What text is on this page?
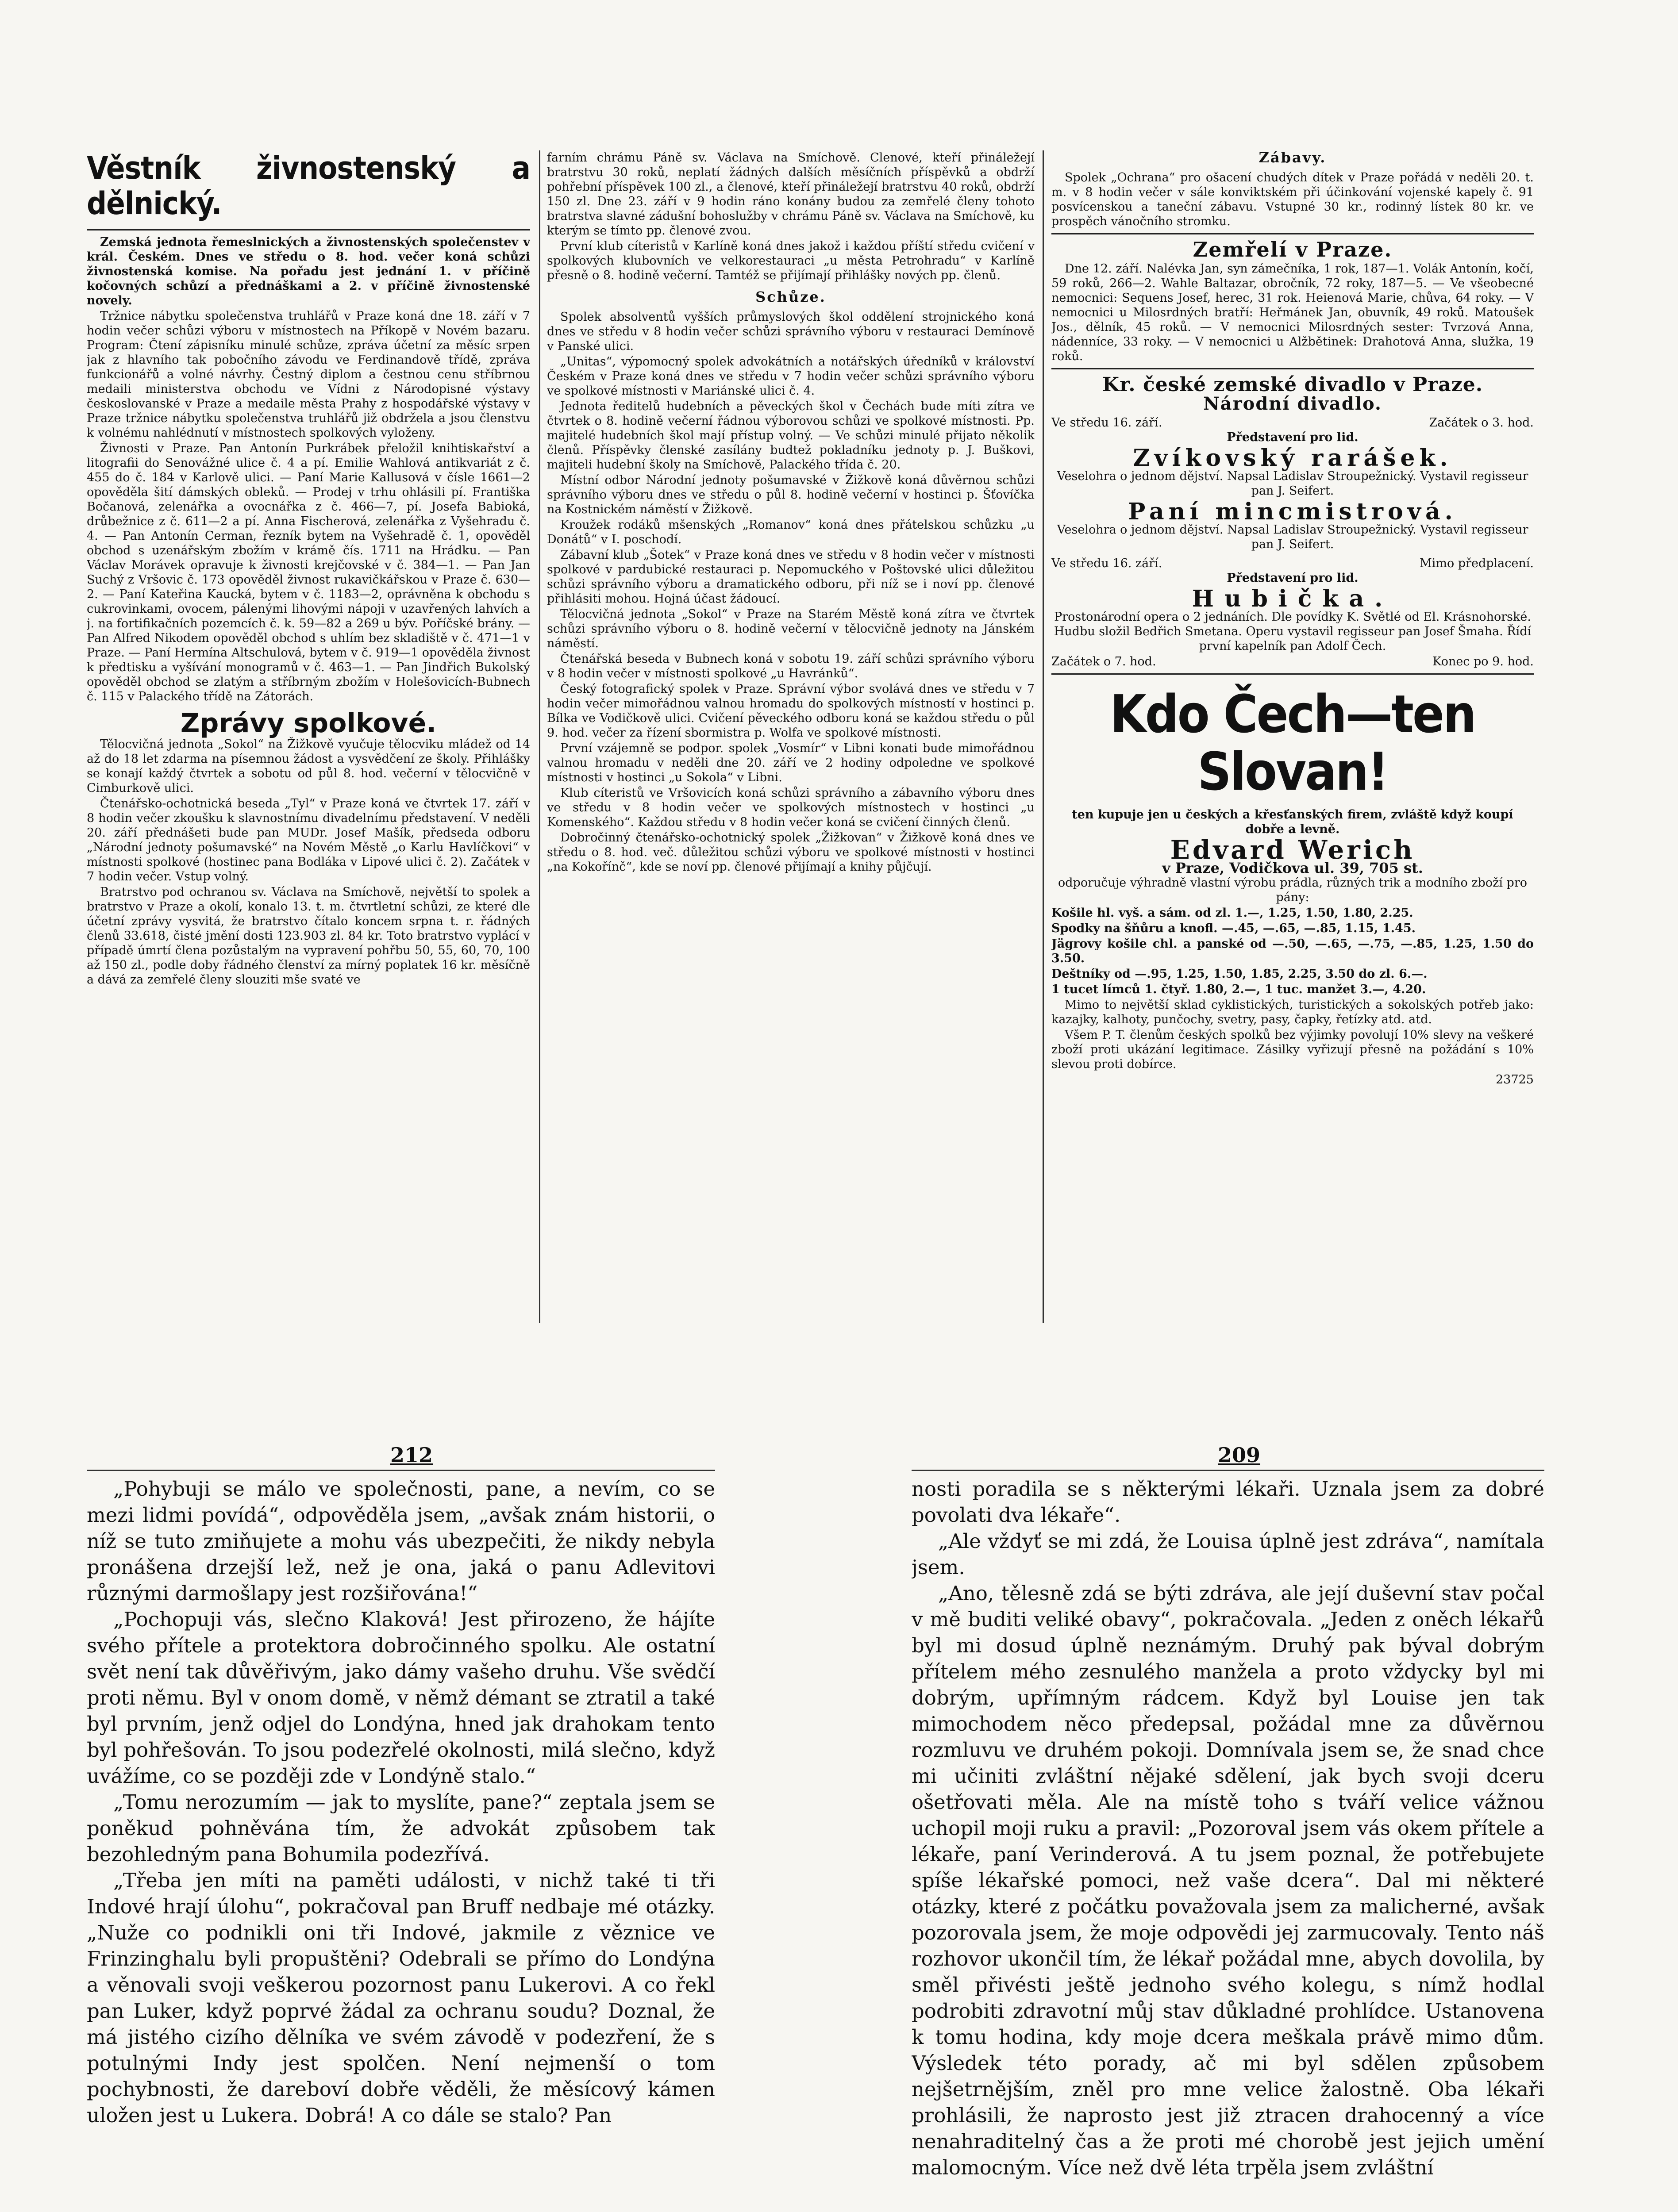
Věstník živnostenský a dělnický.

Zemská jednota řemeslnických a živnostenských společenstev v král. Českém. Dnes ve středu o 8. hod. večer koná schůzi živnostenská komise. Na pořadu jest jednání 1. v příčině kočovných schůzí a přednáškami a 2. v příčině živnostenské novely.

Tržnice nábytku společenstva truhlářů v Praze koná dne 18. září v 7 hodin večer schůzi výboru v místnostech na Příkopě v Novém bazaru. Program: Čtení zápisníku minulé schůze, zpráva účetní za měsíc srpen jak z hlavního tak pobočního závodu ve Ferdinandově třídě, zpráva funkcionářů a volné návrhy. Čestný diplom a čestnou cenu stříbrnou medaili ministerstva obchodu ve Vídni z Národopisné výstavy českoslovanské v Praze a medaile města Prahy z hospodářské výstavy v Praze tržnice nábytku společenstva truhlářů již obdržela a jsou členstvu k volnému nahlédnutí v místnostech spolkových vyloženy.

Živnosti v Praze. Pan Antonín Purkrábek přeložil knihtiskařství a litografii do Senovážné ulice č. 4 a pí. Emilie Wahlová antikvariát z č. 455 do č. 184 v Karlově ulici. — Paní Marie Kallusová v čísle 1661—2 opověděla šití dámských obleků. — Prodej v trhu ohlásili pí. Františka Bočanová, zelenářka a ovocnářka z č. 466—7, pí. Josefa Babioká, drůbežnice z č. 611—2 a pí. Anna Fischerová, zelenářka z Vyšehradu č. 4. — Pan Antonín Cerman, řezník bytem na Vyšehradě č. 1, opověděl obchod s uzenářským zbožím v krámě čís. 1711 na Hrádku. — Pan Václav Morávek opravuje k živnosti krejčovské v č. 384—1. — Pan Jan Suchý z Vršovic č. 173 opověděl živnost rukavičkářskou v Praze č. 630—2. — Paní Kateřina Kaucká, bytem v č. 1183—2, oprávněna k obchodu s cukrovinkami, ovocem, pálenými lihovými nápoji v uzavřených lahvích a j. na fortifikačních pozemcích č. k. 59—82 a 269 u býv. Poříčské brány. — Pan Alfred Nikodem opověděl obchod s uhlím bez skladiště v č. 471—1 v Praze. — Paní Hermína Altschulová, bytem v č. 919—1 opověděla živnost k předtisku a vyšívání monogramů v č. 463—1. — Pan Jindřich Bukolský opověděl obchod se zlatým a stříbrným zbožím v Holešovicích-Bubnech č. 115 v Palackého třídě na Zátorách.

Zprávy spolkové.

Tělocvičná jednota „Sokol“ na Žižkově vyučuje tělocviku mládež od 14 až do 18 let zdarma na písemnou žádost a vysvědčení ze školy. Přihlášky se konají každý čtvrtek a sobotu od půl 8. hod. večerní v tělocvičně v Cimburkově ulici.

Čtenářsko-ochotnická beseda „Tyl“ v Praze koná ve čtvrtek 17. září v 8 hodin večer zkoušku k slavnostnímu divadelnímu představení. V neděli 20. září přednášeti bude pan MUDr. Josef Mašík, předseda odboru „Národní jednoty pošumavské“ na Novém Městě „o Karlu Havlíčkovi“ v místnosti spolkové (hostinec pana Bodláka v Lipové ulici č. 2). Začátek v 7 hodin večer. Vstup volný.

Bratrstvo pod ochranou sv. Václava na Smíchově, největší to spolek a bratrstvo v Praze a okolí, konalo 13. t. m. čtvrtletní schůzi, ze které dle účetní zprávy vysvitá, že bratrstvo čítalo koncem srpna t. r. řádných členů 33.618, čisté jmění dosti 123.903 zl. 84 kr. Toto bratrstvo vyplácí v případě úmrtí člena pozůstalým na vypravení pohřbu 50, 55, 60, 70, 100 až 150 zl., podle doby řádného členství za mírný poplatek 16 kr. měsíčně a dává za zemřelé členy slouziti mše svaté ve

farním chrámu Páně sv. Václava na Smíchově. Clenové, kteří přináležejí bratrstvu 30 roků, neplatí žádných dalších měsíčních příspěvků a obdrží pohřební příspěvek 100 zl., a členové, kteří přináležejí bratrstvu 40 roků, obdrží 150 zl. Dne 23. září v 9 hodin ráno konány budou za zemřelé členy tohoto bratrstva slavné zádušní bohoslužby v chrámu Páně sv. Václava na Smíchově, ku kterým se tímto pp. členové zvou.

První klub cíteristů v Karlíně koná dnes jakož i každou příští středu cvičení v spolkových klubovních ve velkorestauraci „u města Petrohradu“ v Karlíně přesně o 8. hodině večerní. Tamtéž se přijímají přihlášky nových pp. členů.

Schůze.

Spolek absolventů vyšších průmyslových škol oddělení strojnického koná dnes ve středu v 8 hodin večer schůzi správního výboru v restauraci Demínově v Panské ulici.

„Unitas“, výpomocný spolek advokátních a notářských úředníků v království Českém v Praze koná dnes ve středu v 7 hodin večer schůzi správního výboru ve spolkové místnosti v Mariánské ulici č. 4.

Jednota ředitelů hudebních a pěveckých škol v Čechách bude míti zítra ve čtvrtek o 8. hodině večerní řádnou výborovou schůzi ve spolkové místnosti. Pp. majitelé hudebních škol mají přístup volný. — Ve schůzi minulé přijato několik členů. Příspěvky členské zasílány budtež pokladníku jednoty p. J. Buškovi, majiteli hudební školy na Smíchově, Palackého třída č. 20.

Místní odbor Národní jednoty pošumavské v Žižkově koná důvěrnou schůzi správního výboru dnes ve středu o půl 8. hodině večerní v hostinci p. Šťovíčka na Kostnickém náměstí v Žižkově.

Kroužek rodáků mšenských „Romanov“ koná dnes přátelskou schůzku „u Donátů“ v I. poschodí.

Zábavní klub „Šotek“ v Praze koná dnes ve středu v 8 hodin večer v místnosti spolkové v pardubické restauraci p. Nepomuckého v Poštovské ulici důležitou schůzi správního výboru a dramatického odboru, při níž se i noví pp. členové přihlásiti mohou. Hojná účast žádoucí.

Tělocvičná jednota „Sokol“ v Praze na Starém Městě koná zítra ve čtvrtek schůzi správního výboru o 8. hodině večerní v tělocvičně jednoty na Jánském náměstí.

Čtenářská beseda v Bubnech koná v sobotu 19. září schůzi správního výboru v 8 hodin večer v místnosti spolkové „u Havránků“.

Český fotografický spolek v Praze. Správní výbor svolává dnes ve středu v 7 hodin večer mimořádnou valnou hromadu do spolkových místností v hostinci p. Bílka ve Vodičkově ulici. Cvičení pěveckého odboru koná se každou středu o půl 9. hod. večer za řízení sbormistra p. Wolfa ve spolkové místnosti.

První vzájemně se podpor. spolek „Vosmír“ v Libni konati bude mimořádnou valnou hromadu v neděli dne 20. září ve 2 hodiny odpoledne ve spolkové místnosti v hostinci „u Sokola“ v Libni.

Klub cíteristů ve Vršovicích koná schůzi správního a zábavního výboru dnes ve středu v 8 hodin večer ve spolkových místnostech v hostinci „u Komenského“. Každou středu v 8 hodin večer koná se cvičení činných členů.

Dobročinný čtenářsko-ochotnický spolek „Žižkovan“ v Žižkově koná dnes ve středu o 8. hod. več. důležitou schůzi výboru ve spolkové místnosti v hostinci „na Kokořínč“, kde se noví pp. členové přijímají a knihy půjčují.

Zábavy.

Spolek „Ochrana“ pro ošacení chudých dítek v Praze pořádá v neděli 20. t. m. v 8 hodin večer v sále konviktském při účinkování vojenské kapely č. 91 posvícenskou a taneční zábavu. Vstupné 30 kr., rodinný lístek 80 kr. ve prospěch vánočního stromku.

Zemřelí v Praze.

Dne 12. září. Nalévka Jan, syn zámečníka, 1 rok, 187—1. Volák Antonín, kočí, 59 roků, 266—2. Wahle Baltazar, obročník, 72 roky, 187—5. — Ve všeobecné nemocnici: Sequens Josef, herec, 31 rok. Heienová Marie, chůva, 64 roky. — V nemocnici u Milosrdných bratří: Heřmánek Jan, obuvník, 49 roků. Matoušek Jos., dělník, 45 roků. — V nemocnici Milosrdných sester: Tvrzová Anna, nádenníce, 33 roky. — V nemocnici u Alžbětinek: Drahotová Anna, služka, 19 roků.

Kr. české zemské divadlo v Praze.
Národní divadlo.
Ve středu 16. září.	Začátek o 3. hod.
Představení pro lid.
Zvíkovský rarášek.

Veselohra o jednom dějství. Napsal Ladislav Stroupežnický. Vystavil regisseur pan J. Seifert.

Paní mincmistrová.

Veselohra o jednom dějství. Napsal Ladislav Stroupežnický. Vystavil regisseur pan J. Seifert.

Ve středu 16. září.	Mimo předplacení.
Představení pro lid.
Hubička.

Prostonárodní opera o 2 jednáních. Dle povídky K. Světlé od El. Krásnohorské. Hudbu složil Bedřich Smetana. Operu vystavil regisseur pan Josef Šmaha. Řídí první kapelník pan Adolf Čech.

Začátek o 7. hod.	Konec po 9. hod.
Kdo Čech—ten Slovan!

ten kupuje jen u českých a křesťanských firem, zvláště když koupí dobře a levně.

Edvard Werich
v Praze, Vodičkova ul. 39, 705 st.

odporučuje výhradně vlastní výrobu prádla, různých trik a modního zboží pro pány:

Košile hl. vyš. a sám. od zl. 1.—, 1.25, 1.50, 1.80, 2.25.

Spodky na šňůru a knofl. —.45, —.65, —.85, 1.15, 1.45.

Jägrovy košile chl. a panské od —.50, —.65, —.75, —.85, 1.25, 1.50 do 3.50.

Deštníky od —.95, 1.25, 1.50, 1.85, 2.25, 3.50 do zl. 6.—.

1 tucet límců 1. čtyř. 1.80, 2.—, 1 tuc. manžet 3.—, 4.20.

Mimo to největší sklad cyklistických, turistických a sokolských potřeb jako: kazajky, kalhoty, punčochy, svetry, pasy, čapky, řetízky atd. atd.

Všem P. T. členům českých spolků bez výjimky povolují 10% slevy na veškeré zboží proti ukázání legitimace. Zásilky vyřizují přesně na požádání s 10% slevou proti dobírce.

23725
212

„Pohybuji se málo ve společnosti, pane, a nevím, co se mezi lidmi povídá“, odpověděla jsem, „avšak znám historii, o níž se tuto zmiňujete a mohu vás ubezpečiti, že nikdy nebyla pronášena drzejší lež, než je ona, jaká o panu Adlevitovi různými darmošlapy jest rozšiřována!“

„Pochopuji vás, slečno Klaková! Jest přirozeno, že hájíte svého přítele a protektora dobročinného spolku. Ale ostatní svět není tak důvěřivým, jako dámy vašeho druhu. Vše svědčí proti němu. Byl v onom domě, v němž démant se ztratil a také byl prvním, jenž odjel do Londýna, hned jak drahokam tento byl pohřešován. To jsou podezřelé okolnosti, milá slečno, když uvážíme, co se později zde v Londýně stalo.“

„Tomu nerozumím — jak to myslíte, pane?“ zeptala jsem se poněkud pohněvána tím, že advokát způsobem tak bezohledným pana Bohumila podezřívá.

„Třeba jen míti na paměti události, v nichž také ti tři Indové hrají úlohu“, pokračoval pan Bruff nedbaje mé otázky. „Nuže co podnikli oni tři Indové, jakmile z věznice ve Frinzinghalu byli propuštěni? Odebrali se přímo do Londýna a věnovali svoji veškerou pozornost panu Lukerovi. A co řekl pan Luker, když poprvé žádal za ochranu soudu? Doznal, že má jistého cizího dělníka ve svém závodě v podezření, že s potulnými Indy jest spolčen. Není nejmenší o tom pochybnosti, že dareboví dobře věděli, že měsícový kámen uložen jest u Lukera. Dobrá! A co dále se stalo? Pan

209

nosti poradila se s některými lékaři. Uznala jsem za dobré povolati dva lékaře“.

„Ale vždyť se mi zdá, že Louisa úplně jest zdráva“, namítala jsem.

„Ano, tělesně zdá se býti zdráva, ale její duševní stav počal v mě buditi veliké obavy“, pokračovala. „Jeden z oněch lékařů byl mi dosud úplně neznámým. Druhý pak býval dobrým přítelem mého zesnulého manžela a proto vždycky byl mi dobrým, upřímným rádcem. Když byl Louise jen tak mimochodem něco předepsal, požádal mne za důvěrnou rozmluvu ve druhém pokoji. Domnívala jsem se, že snad chce mi učiniti zvláštní nějaké sdělení, jak bych svoji dceru ošetřovati měla. Ale na místě toho s tváří velice vážnou uchopil moji ruku a pravil: „Pozoroval jsem vás okem přítele a lékaře, paní Verinderová. A tu jsem poznal, že potřebujete spíše lékařské pomoci, než vaše dcera“. Dal mi některé otázky, které z počátku považovala jsem za malicherné, avšak pozorovala jsem, že moje odpovědi jej zarmucovaly. Tento náš rozhovor ukončil tím, že lékař požádal mne, abych dovolila, by směl přivésti ještě jednoho svého kolegu, s nímž hodlal podrobiti zdravotní můj stav důkladné prohlídce. Ustanovena k tomu hodina, kdy moje dcera meškala právě mimo dům. Výsledek této porady, ač mi byl sdělen způsobem nejšetrnějším, zněl pro mne velice žalostně. Oba lékaři prohlásili, že naprosto jest již ztracen drahocenný a více nenahraditelný čas a že proti mé chorobě jest jejich umění malomocným. Více než dvě léta trpěla jsem zvláštní
